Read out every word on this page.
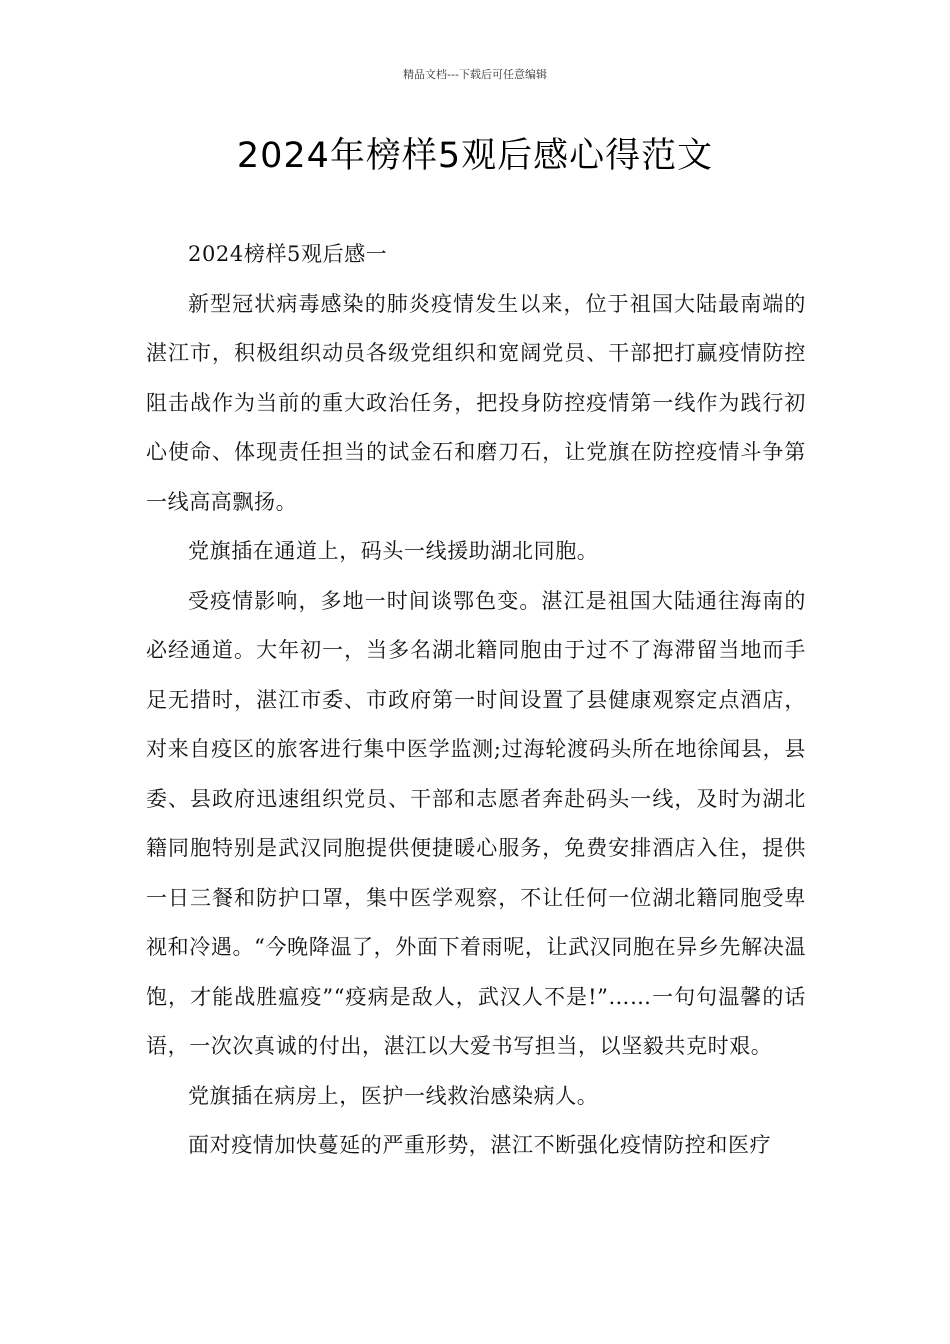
精品文档---下载后可任意编辑
2024年榜样5观后感心得范文

2024榜样5观后感一

新型冠状病毒感染的肺炎疫情发生以来，位于祖国大陆最南端的湛江市，积极组织动员各级党组织和宽阔党员、干部把打赢疫情防控阻击战作为当前的重大政治任务，把投身防控疫情第一线作为践行初心使命、体现责任担当的试金石和磨刀石，让党旗在防控疫情斗争第一线高高飘扬。

党旗插在通道上，码头一线援助湖北同胞。

受疫情影响，多地一时间谈鄂色变。湛江是祖国大陆通往海南的必经通道。大年初一，当多名湖北籍同胞由于过不了海滞留当地而手足无措时，湛江市委、市政府第一时间设置了县健康观察定点酒店，对来自疫区的旅客进行集中医学监测;过海轮渡码头所在地徐闻县，县委、县政府迅速组织党员、干部和志愿者奔赴码头一线，及时为湖北籍同胞特别是武汉同胞提供便捷暖心服务，免费安排酒店入住，提供一日三餐和防护口罩，集中医学观察，不让任何一位湖北籍同胞受卑视和冷遇。“今晚降温了，外面下着雨呢，让武汉同胞在异乡先解决温饱，才能战胜瘟疫”“疫病是敌人，武汉人不是!”……一句句温馨的话语，一次次真诚的付出，湛江以大爱书写担当，以坚毅共克时艰。

党旗插在病房上，医护一线救治感染病人。

面对疫情加快蔓延的严重形势，湛江不断强化疫情防控和医疗
